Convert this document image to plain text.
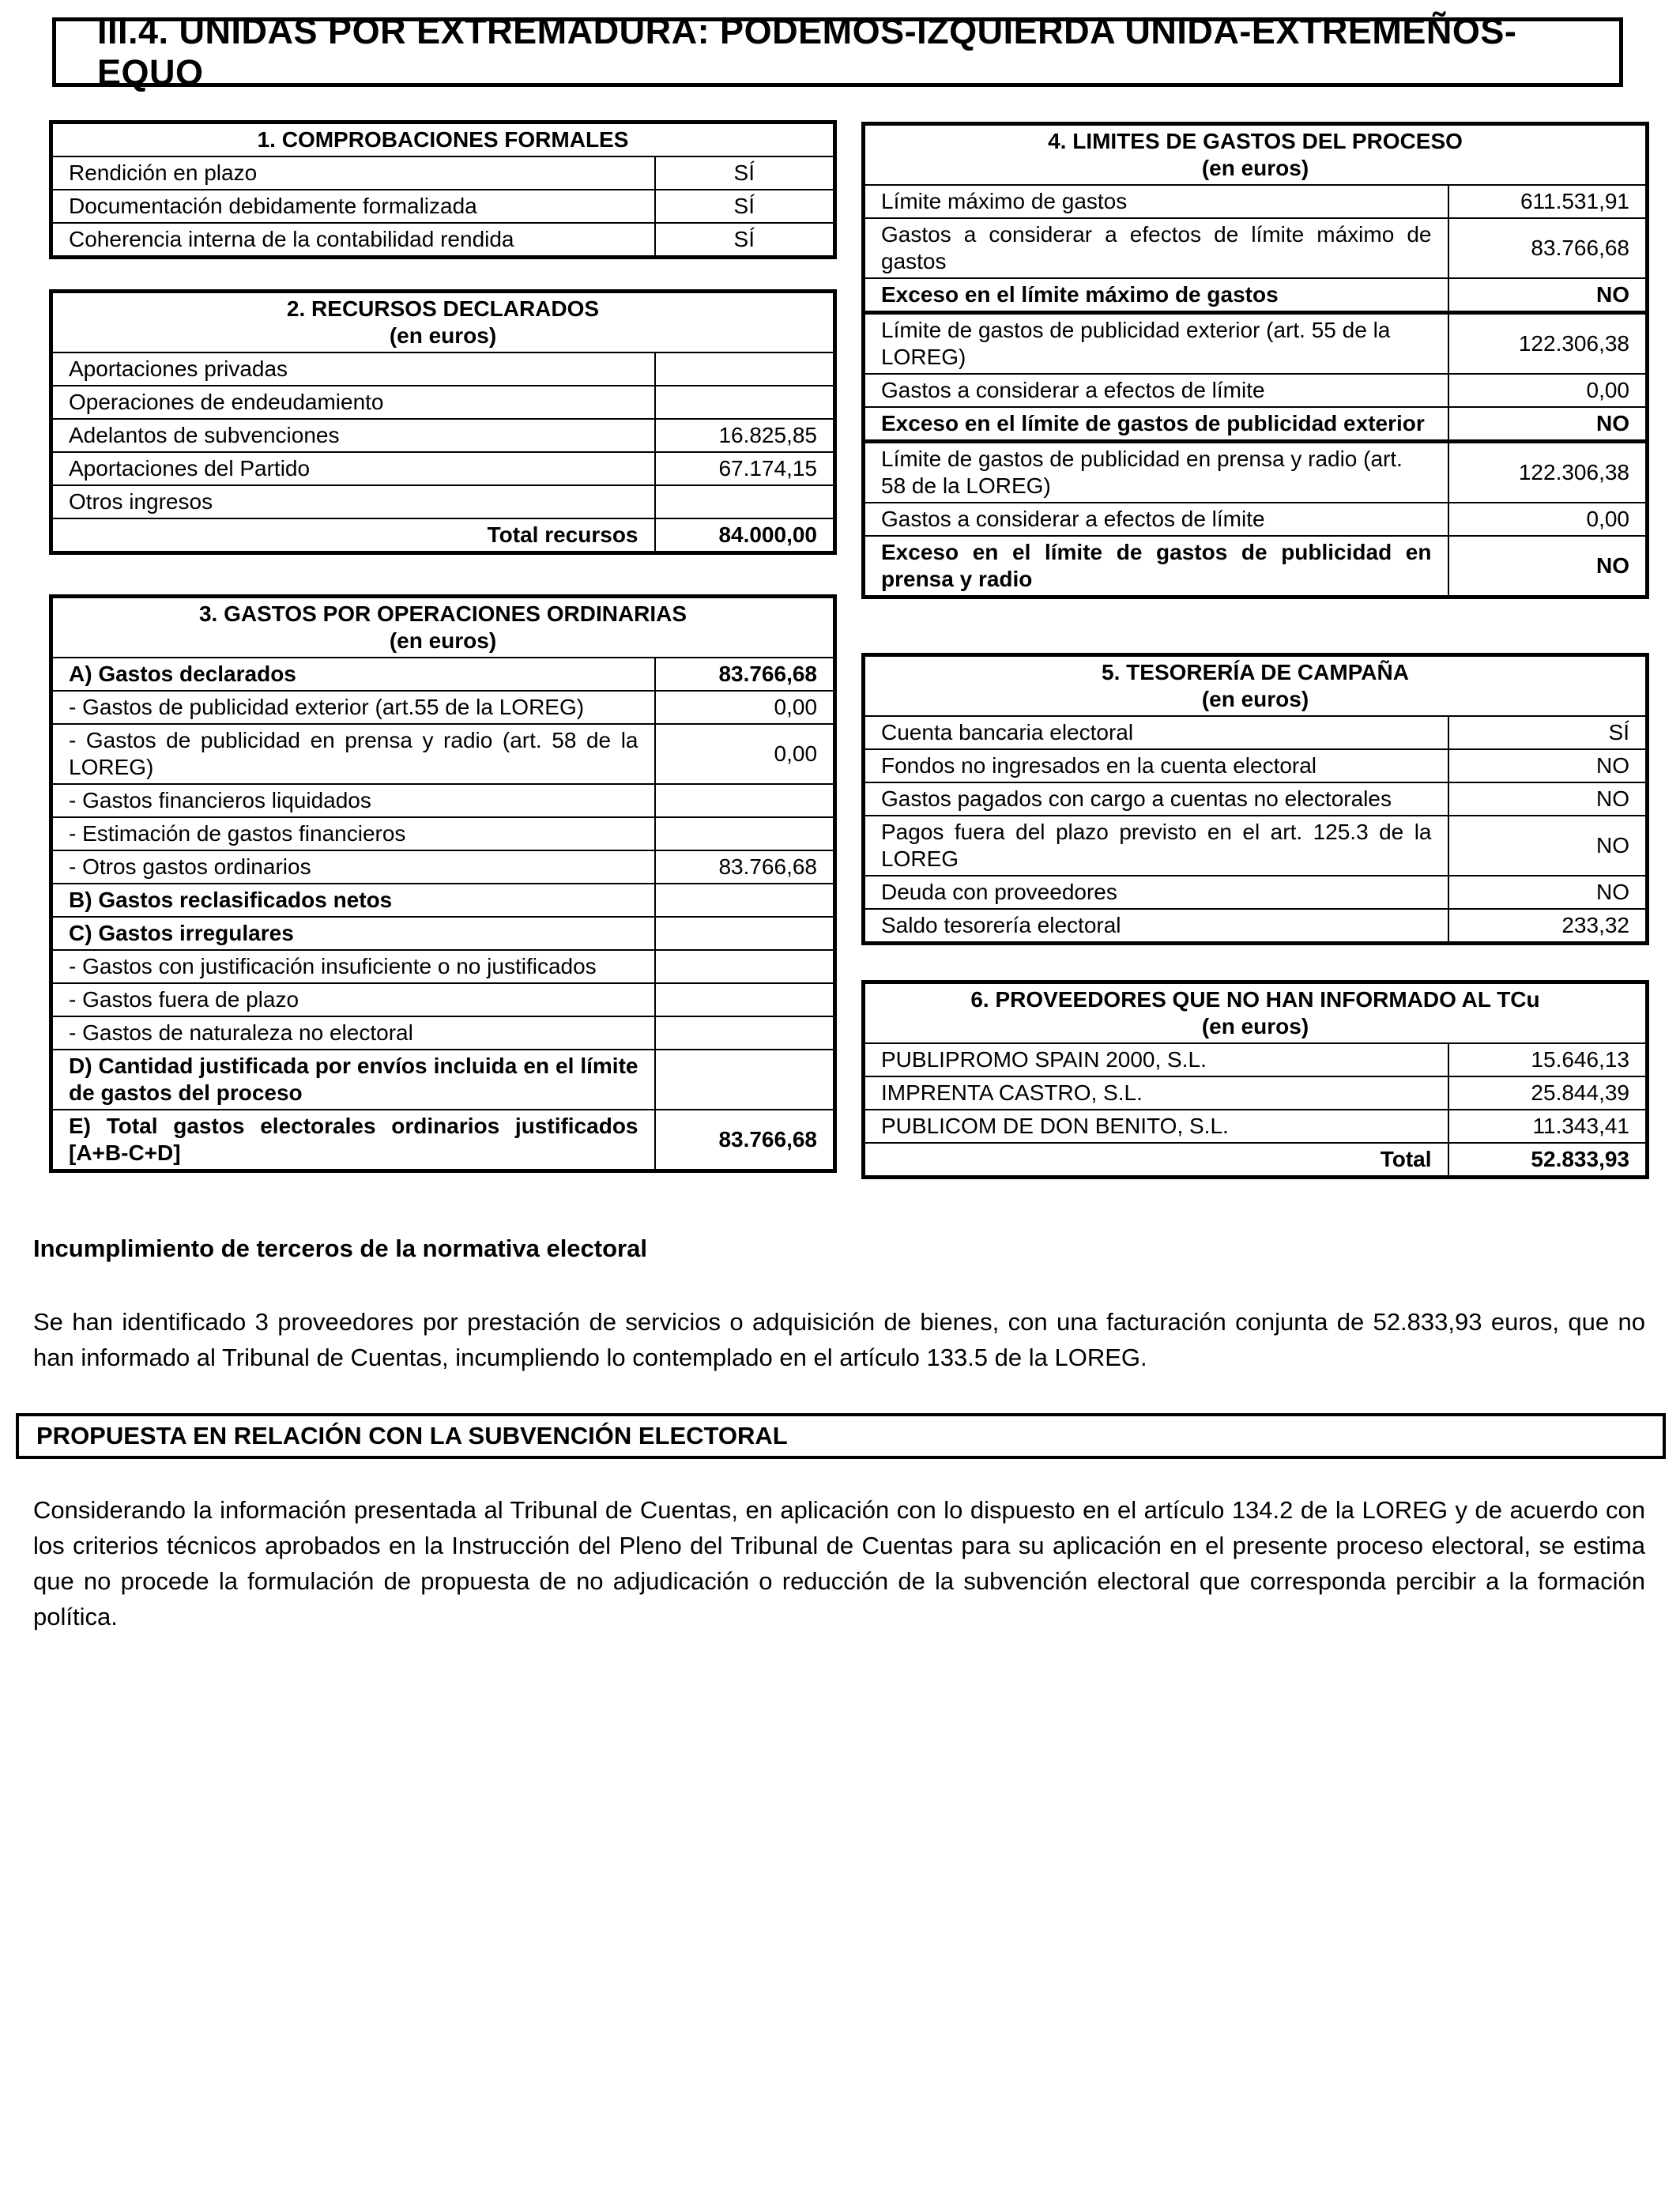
III.4. UNIDAS POR EXTREMADURA: PODEMOS-IZQUIERDA UNIDA-EXTREMEÑOS-EQUO
1. COMPROBACIONES FORMALES	
Rendición en plazo	SÍ
Documentación debidamente formalizada	SÍ
Coherencia interna de la contabilidad rendida	SÍ
2. RECURSOS DECLARADOS
(en euros)	
Aportaciones privadas	
Operaciones de endeudamiento	
Adelantos de subvenciones	16.825,85
Aportaciones del Partido	67.174,15
Otros ingresos	
Total recursos	84.000,00
3. GASTOS POR OPERACIONES ORDINARIAS
(en euros)	
A) Gastos declarados	83.766,68
- Gastos de publicidad exterior (art.55 de la LOREG)	0,00
- Gastos de publicidad en prensa y radio (art. 58 de la LOREG)	0,00
- Gastos financieros liquidados	
- Estimación de gastos financieros	
- Otros gastos ordinarios	83.766,68
B) Gastos reclasificados netos	
C) Gastos irregulares	
- Gastos con justificación insuficiente o no justificados	
- Gastos fuera de plazo	
- Gastos de naturaleza no electoral	
D) Cantidad justificada por envíos incluida en el límite de gastos del proceso	
E) Total gastos electorales ordinarios justificados [A+B-C+D]	83.766,68
4. LIMITES DE GASTOS DEL PROCESO
(en euros)	
Límite máximo de gastos	611.531,91
Gastos a considerar a efectos de límite máximo de gastos	83.766,68
Exceso en el límite máximo de gastos	NO
Límite de gastos de publicidad exterior (art. 55 de la LOREG)	122.306,38
Gastos a considerar a efectos de límite	0,00
Exceso en el límite de gastos de publicidad exterior	NO
Límite de gastos de publicidad en prensa y radio (art. 58 de la LOREG)	122.306,38
Gastos a considerar a efectos de límite	0,00
Exceso en el límite de gastos de publicidad en prensa y radio	NO
5. TESORERÍA DE CAMPAÑA
(en euros)	
Cuenta bancaria electoral	SÍ
Fondos no ingresados en la cuenta electoral	NO
Gastos pagados con cargo a cuentas no electorales	NO
Pagos fuera del plazo previsto en el art. 125.3 de la LOREG	NO
Deuda con proveedores	NO
Saldo tesorería electoral	233,32
6. PROVEEDORES QUE NO HAN INFORMADO AL TCu
(en euros)	
PUBLIPROMO SPAIN 2000, S.L.	15.646,13
IMPRENTA CASTRO, S.L.	25.844,39
PUBLICOM DE DON BENITO, S.L.	11.343,41
Total	52.833,93
Incumplimiento de terceros de la normativa electoral
Se han identificado 3 proveedores por prestación de servicios o adquisición de bienes, con una facturación conjunta de 52.833,93 euros, que no han informado al Tribunal de Cuentas, incumpliendo lo contemplado en el artículo 133.5 de la LOREG.
PROPUESTA EN RELACIÓN CON LA SUBVENCIÓN ELECTORAL
Considerando la información presentada al Tribunal de Cuentas, en aplicación con lo dispuesto en el artículo 134.2 de la LOREG y de acuerdo con los criterios técnicos aprobados en la Instrucción del Pleno del Tribunal de Cuentas para su aplicación en el presente proceso electoral, se estima que no procede la formulación de propuesta de no adjudicación o reducción de la subvención electoral que corresponda percibir a la formación política.
